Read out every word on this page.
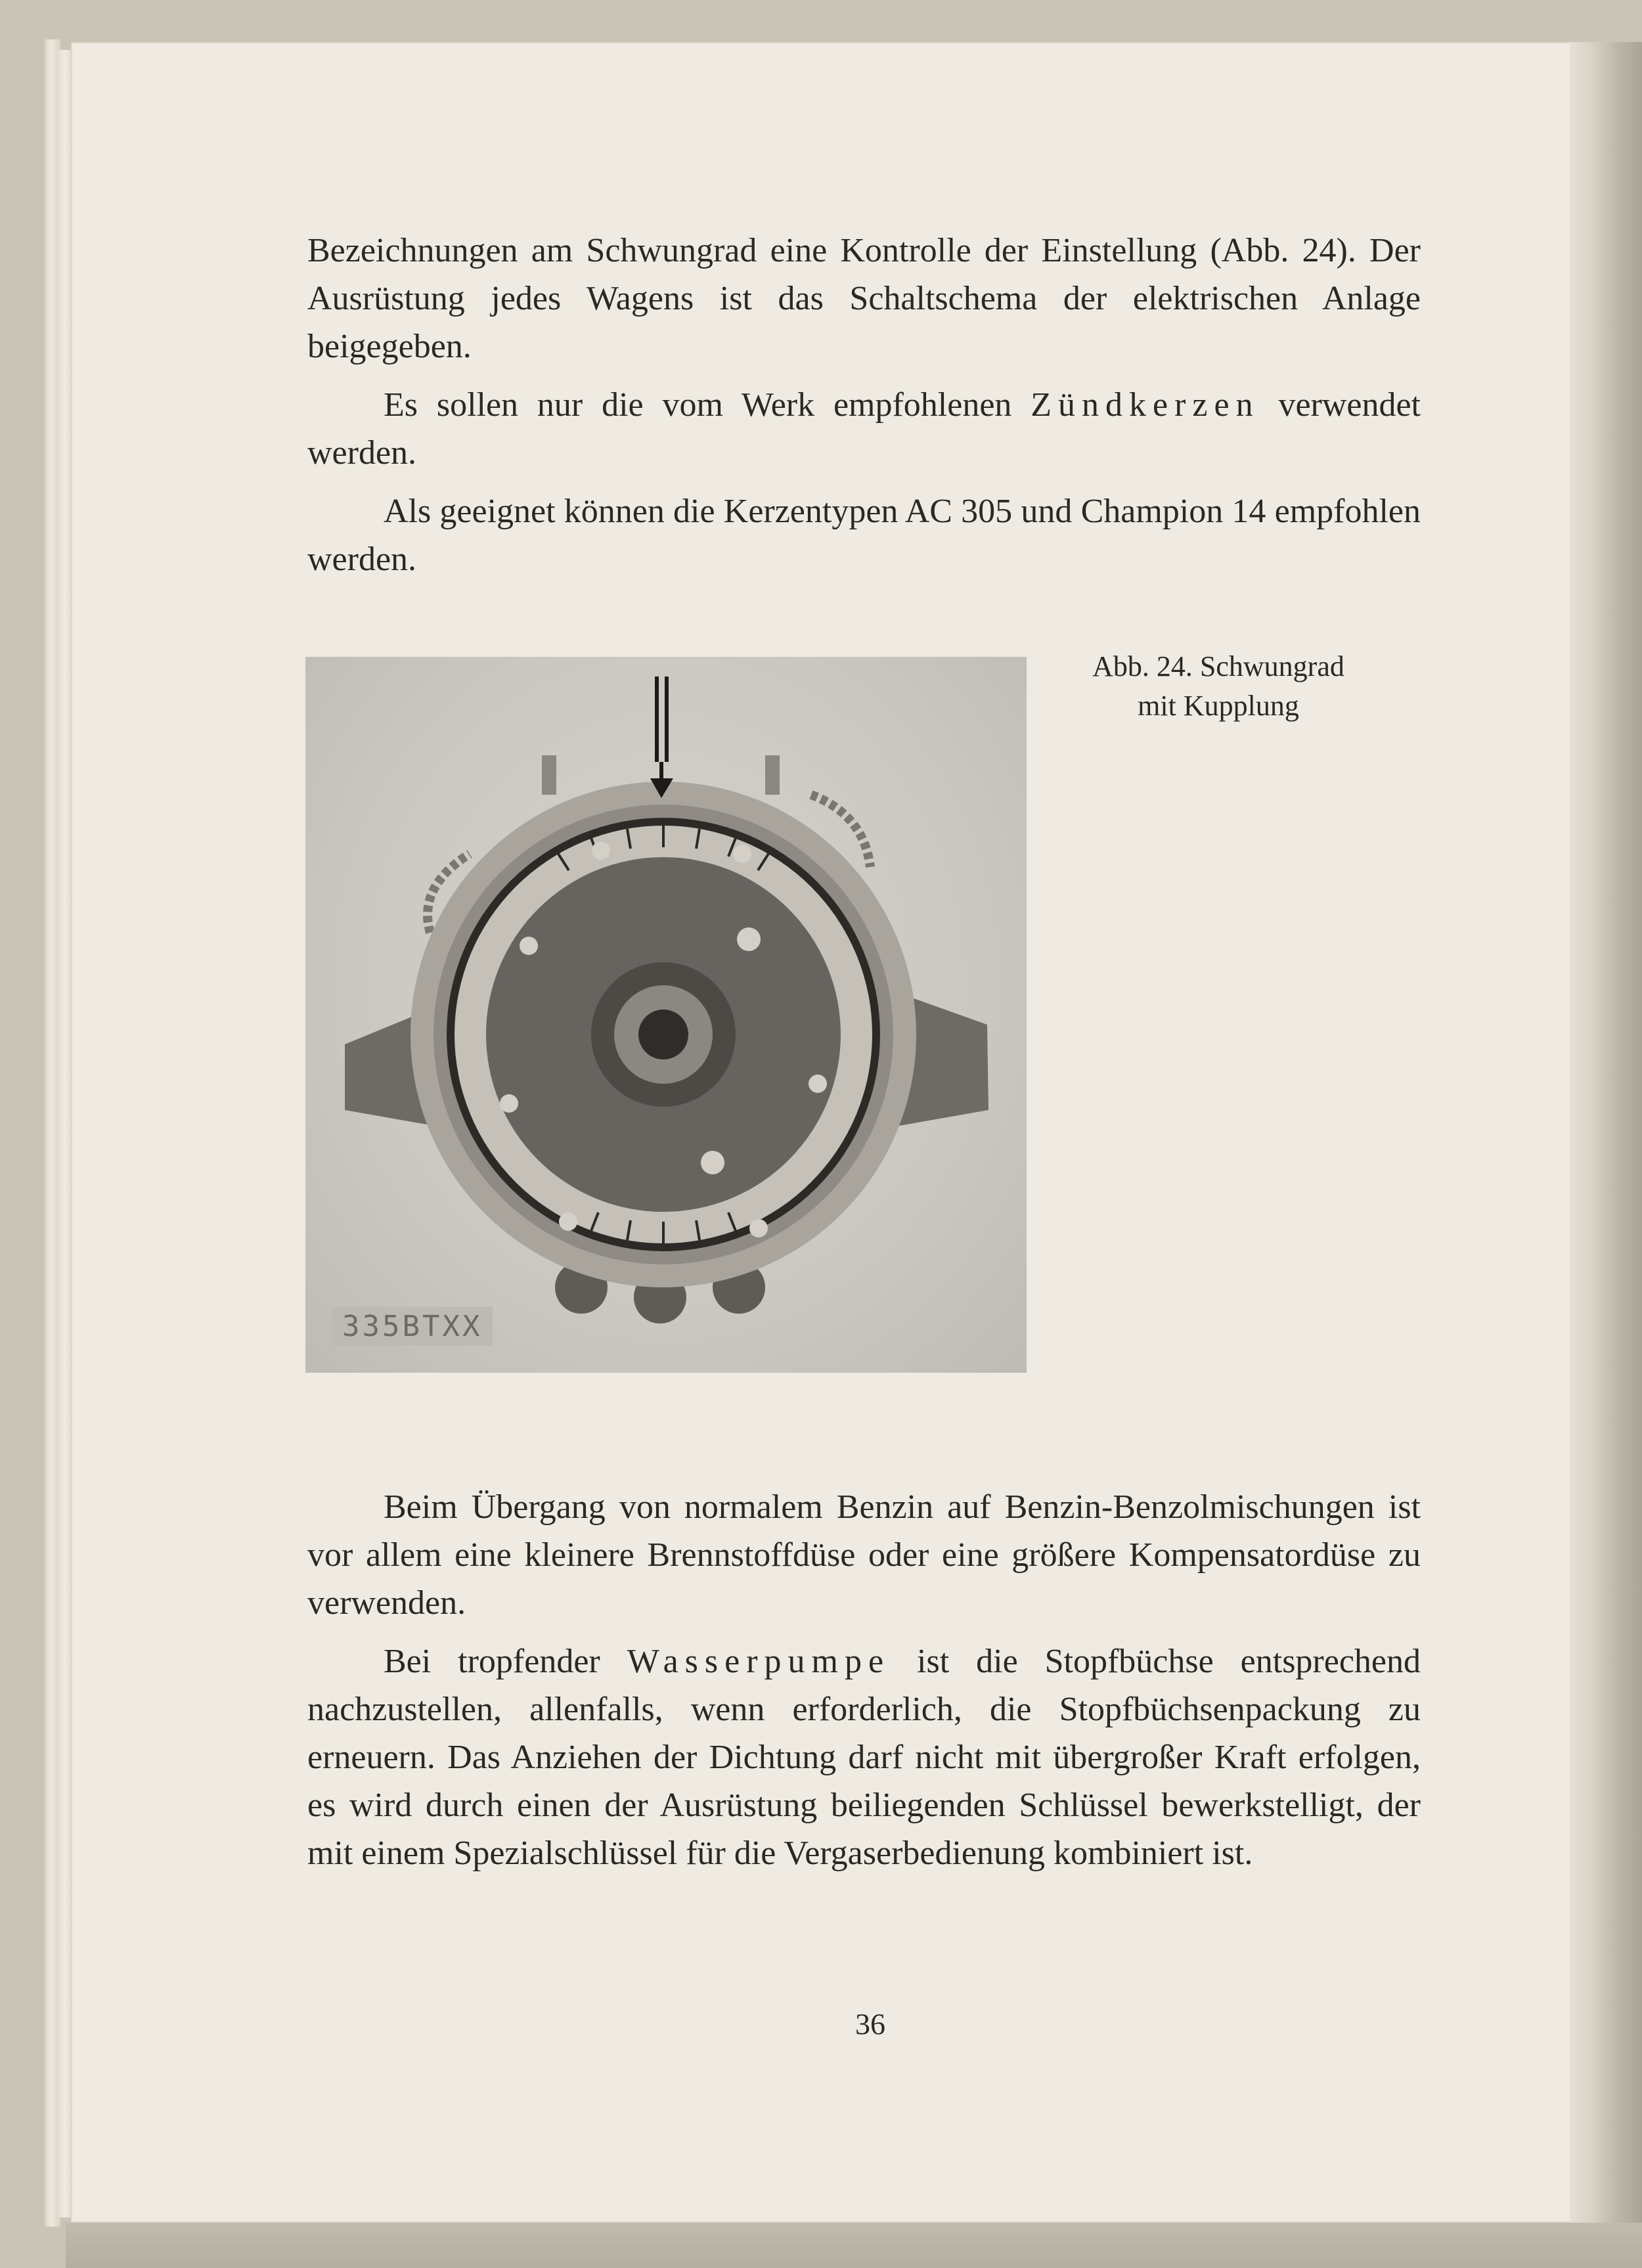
Bezeichnungen am Schwungrad eine Kontrolle der Einstellung (Abb. 24). Der Ausrüstung jedes Wagens ist das Schaltschema der elektrischen Anlage beigegeben.

Es sollen nur die vom Werk empfohlenen Zündkerzen verwendet werden.

Als geeignet können die Kerzentypen AC 305 und Champion 14 empfohlen werden.

335BTXX
Abb. 24. Schwungrad
mit Kupplung

Beim Übergang von normalem Benzin auf Benzin-Benzolmischungen ist vor allem eine kleinere Brennstoffdüse oder eine größere Kompensatordüse zu verwenden.

Bei tropfender Wasserpumpe ist die Stopfbüchse entsprechend nachzustellen, allenfalls, wenn erforderlich, die Stopfbüchsenpackung zu erneuern. Das Anziehen der Dichtung darf nicht mit übergroßer Kraft erfolgen, es wird durch einen der Ausrüstung beiliegenden Schlüssel bewerkstelligt, der mit einem Spezialschlüssel für die Vergaserbedienung kombiniert ist.

36
